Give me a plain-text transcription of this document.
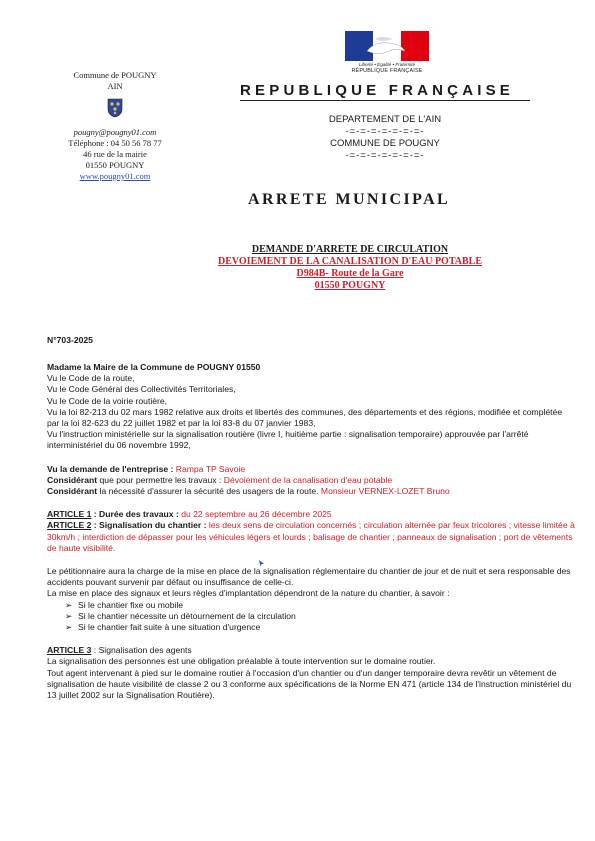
Commune de POUGNY
AIN
pougny@pougny01.com
Téléphone : 04 50 56 78 77
46 rue de la mairie
01550 POUGNY
www.pougny01.com
Liberté • Égalité • Fraternité
RÉPUBLIQUE FRANÇAISE
REPUBLIQUE FRANÇAISE
DEPARTEMENT DE L'AIN
-=-=-=-=-=-=-=-
COMMUNE DE POUGNY
-=-=-=-=-=-=-=-
ARRETE MUNICIPAL
DEMANDE D'ARRETE DE CIRCULATION
DEVOIEMENT DE LA CANALISATION D'EAU POTABLE
D984B- Route de la Gare
01550 POUGNY
N°703-2025

Madame la Maire de la Commune de POUGNY 01550

Vu le Code de la route,

Vu le Code Général des Collectivités Territoriales,

Vu le Code de la voirie routière,

Vu la loi 82-213 du 02 mars 1982 relative aux droits et libertés des communes, des départements et des régions, modifiée et complétée par la loi 82-623 du 22 juillet 1982 et par la loi 83-8 du 07 janvier 1983,

Vu l'instruction ministérielle sur la signalisation routière (livre I, huitième partie : signalisation temporaire) approuvée par l'arrêté interministériel du 06 novembre 1992,

Vu la demande de l'entreprise : Rampa TP Savoie

Considérant que pour permettre les travaux : Dévoiement de la canalisation d'eau potable

Considérant la nécessité d'assurer la sécurité des usagers de la route. Monsieur VERNEX-LOZET Bruno

ARTICLE 1 : Durée des travaux : du 22 septembre au 26 décembre 2025

ARTICLE 2 : Signalisation du chantier : les deux sens de circulation concernés ; circulation alternée par feux tricolores ; vitesse limitée à 30km/h ; interdiction de dépasser pour les véhicules légers et lourds ; balisage de chantier ; panneaux de signalisation ; port de vêtements de haute visibilité.

Le pétitionnaire aura la charge de la mise en place de la signalisation réglementaire du chantier de jour et de nuit et sera responsable des accidents pouvant survenir par défaut ou insuffisance de celle-ci.

La mise en place des signaux et leurs règles d'implantation dépendront de la nature du chantier, à savoir :

➢ Si le chantier fixe ou mobile
➢ Si le chantier nécessite un détournement de la circulation
➢ Si le chantier fait suite à une situation d'urgence

ARTICLE 3 : Signalisation des agents

La signalisation des personnes est une obligation préalable à toute intervention sur le domaine routier.

Tout agent intervenant à pied sur le domaine routier à l'occasion d'un chantier ou d'un danger temporaire devra revêtir un vêtement de signalisation de haute visibilité de classe 2 ou 3 conforme aux spécifications de la Norme EN 471 (article 134 de l'instruction ministériel du 13 juillet 2002 sur la Signalisation Routière).
